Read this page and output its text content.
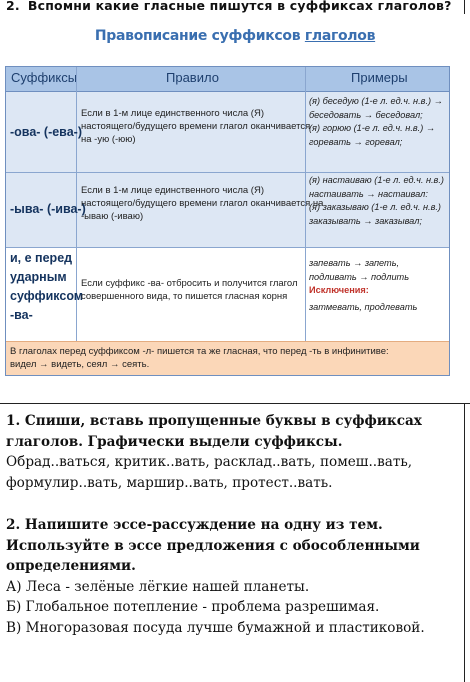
2. Вспомни какие гласные пишутся в суффиксах глаголов?
Правописание суффиксов глаголов
Суффиксы	Правило	Примеры
-ова- (-ева-)
Если в 1-м лице единственного числа (Я)
настоящего/будущего времени глагол оканчивается
на -ую (-юю)
(я) беседую (1-е л. ед.ч. н.в.) →
беседовать → беседовал;
(я) горюю (1-е л. ед.ч. н.в.) →
горевать → горевал;
-ыва- (-ива-)
Если в 1-м лице единственного числа (Я)
настоящего/будущего времени глагол оканчивается на
-ываю (-иваю)
(я) настаиваю (1-е л. ед.ч. н.в.)
настаивать → настаивал:
(я) заказываю (1-е л. ед.ч. н.в.)
заказывать → заказывал;
и, е перед
ударным
суффиксом
-ва-
Если суффикс -ва- отбросить и получится глагол
совершенного вида, то пишется гласная корня
запевать → запеть,
подливать → подлить
Исключения:
затмевать, продлевать
В глаголах перед суффиксом -л- пишется та же гласная, что перед -ть в инфинитиве:
видел → видеть, сеял → сеять.
1. Спиши, вставь пропущенные буквы в суффиксах глаголов. Графически выдели суффиксы.
Обрад..ваться, критик..вать, расклад..вать, помеш..вать, формулир..вать, маршир..вать, протест..вать.
2. Напишите эссе-рассуждение на одну из тем. Используйте в эссе предложения с обособленными определениями.
А) Леса - зелёные лёгкие нашей планеты.
Б) Глобальное потепление - проблема разрешимая.
В) Многоразовая посуда лучше бумажной и пластиковой.
